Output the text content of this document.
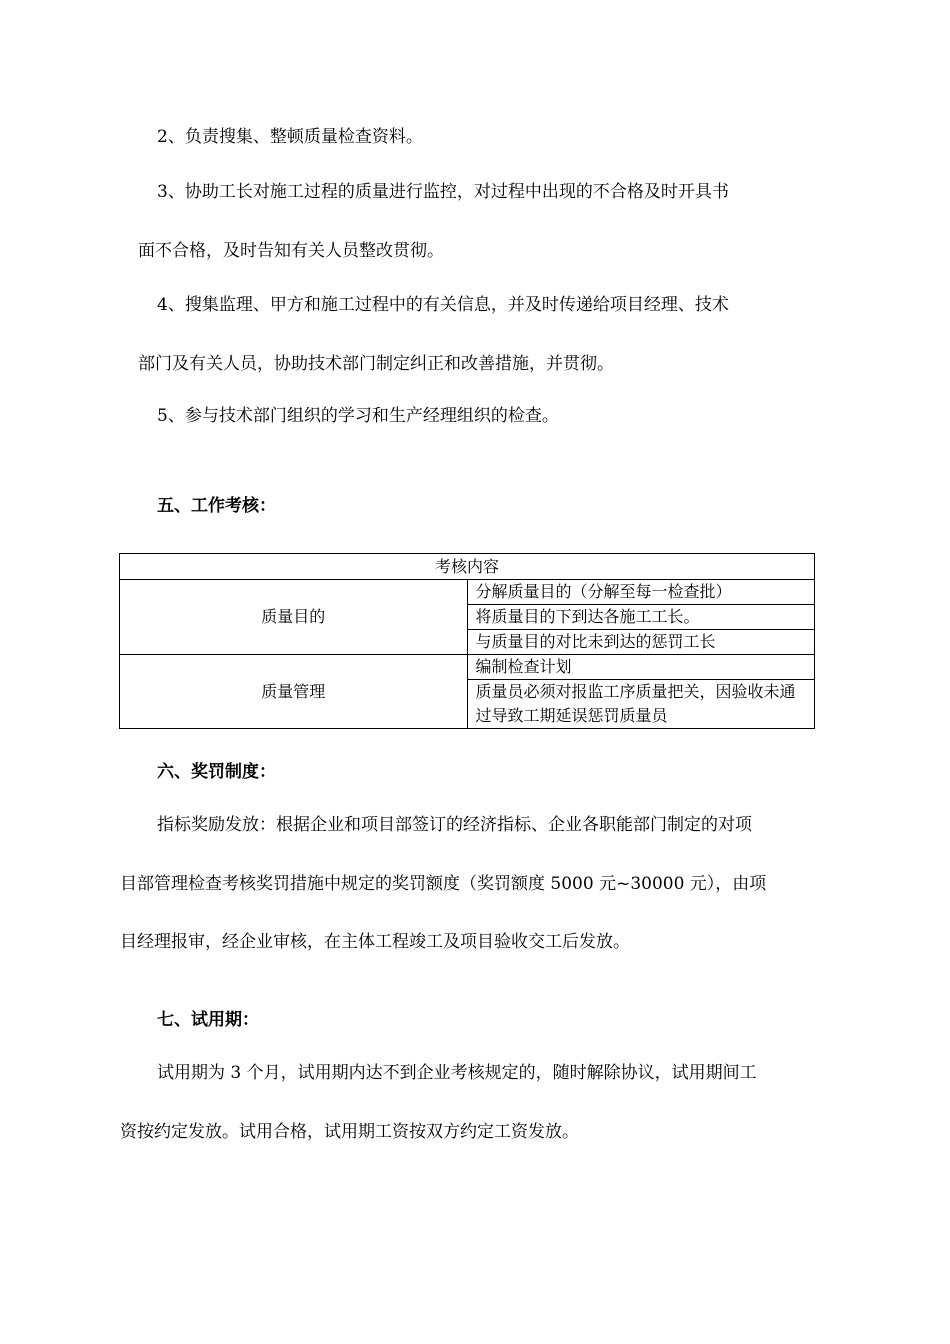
2、负责搜集、整顿质量检查资料。
3、协助工长对施工过程的质量进行监控，对过程中出现的不合格及时开具书
面不合格，及时告知有关人员整改贯彻。
4、搜集监理、甲方和施工过程中的有关信息，并及时传递给项目经理、技术
部门及有关人员，协助技术部门制定纠正和改善措施，并贯彻。
5、参与技术部门组织的学习和生产经理组织的检查。
五、工作考核：
考核内容	
质量目的	分解质量目的（分解至每一检查批）
	将质量目的下到达各施工工长。
	与质量目的对比未到达的惩罚工长
质量管理	编制检查计划
	质量员必须对报监工序质量把关，因验收未通过导致工期延误惩罚质量员
六、奖罚制度：
指标奖励发放：根据企业和项目部签订的经济指标、企业各职能部门制定的对项
目部管理检查考核奖罚措施中规定的奖罚额度（奖罚额度 5000 元~30000 元），由项
目经理报审，经企业审核，在主体工程竣工及项目验收交工后发放。
七、试用期：
试用期为 3 个月，试用期内达不到企业考核规定的，随时解除协议，试用期间工
资按约定发放。试用合格，试用期工资按双方约定工资发放。
